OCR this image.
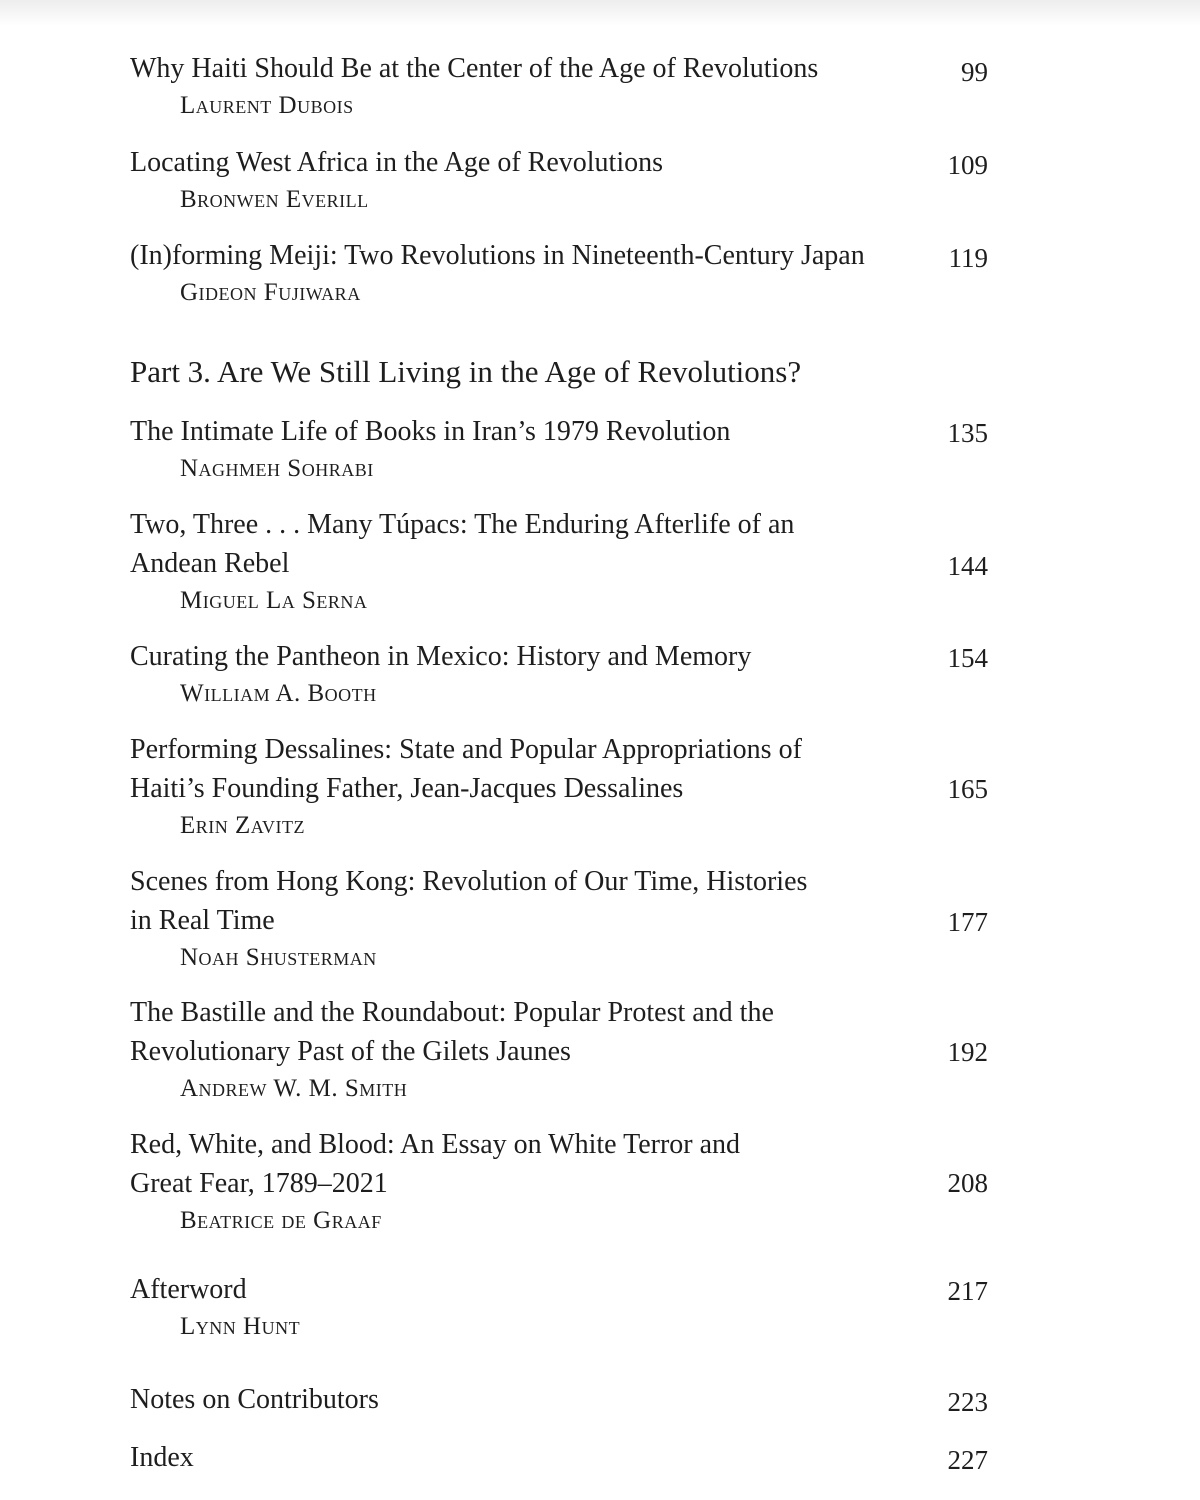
Why Haiti Should Be at the Center of the Age of Revolutions
Laurent Dubois
99
Locating West Africa in the Age of Revolutions
Bronwen Everill
109
(In)forming Meiji: Two Revolutions in Nineteenth-Century Japan
Gideon Fujiwara
119
Part 3. Are We Still Living in the Age of Revolutions?
The Intimate Life of Books in Iran’s 1979 Revolution
Naghmeh Sohrabi
135
Two, Three . . . Many Túpacs: The Enduring Afterlife of an
Andean Rebel
Miguel La Serna
144
Curating the Pantheon in Mexico: History and Memory
William A. Booth
154
Performing Dessalines: State and Popular Appropriations of
Haiti’s Founding Father, Jean-Jacques Dessalines
Erin Zavitz
165
Scenes from Hong Kong: Revolution of Our Time, Histories
in Real Time
Noah Shusterman
177
The Bastille and the Roundabout: Popular Protest and the
Revolutionary Past of the Gilets Jaunes
Andrew W. M. Smith
192
Red, White, and Blood: An Essay on White Terror and
Great Fear, 1789–2021
Beatrice de Graaf
208
Afterword
Lynn Hunt
217
Notes on Contributors	223
Index	227
